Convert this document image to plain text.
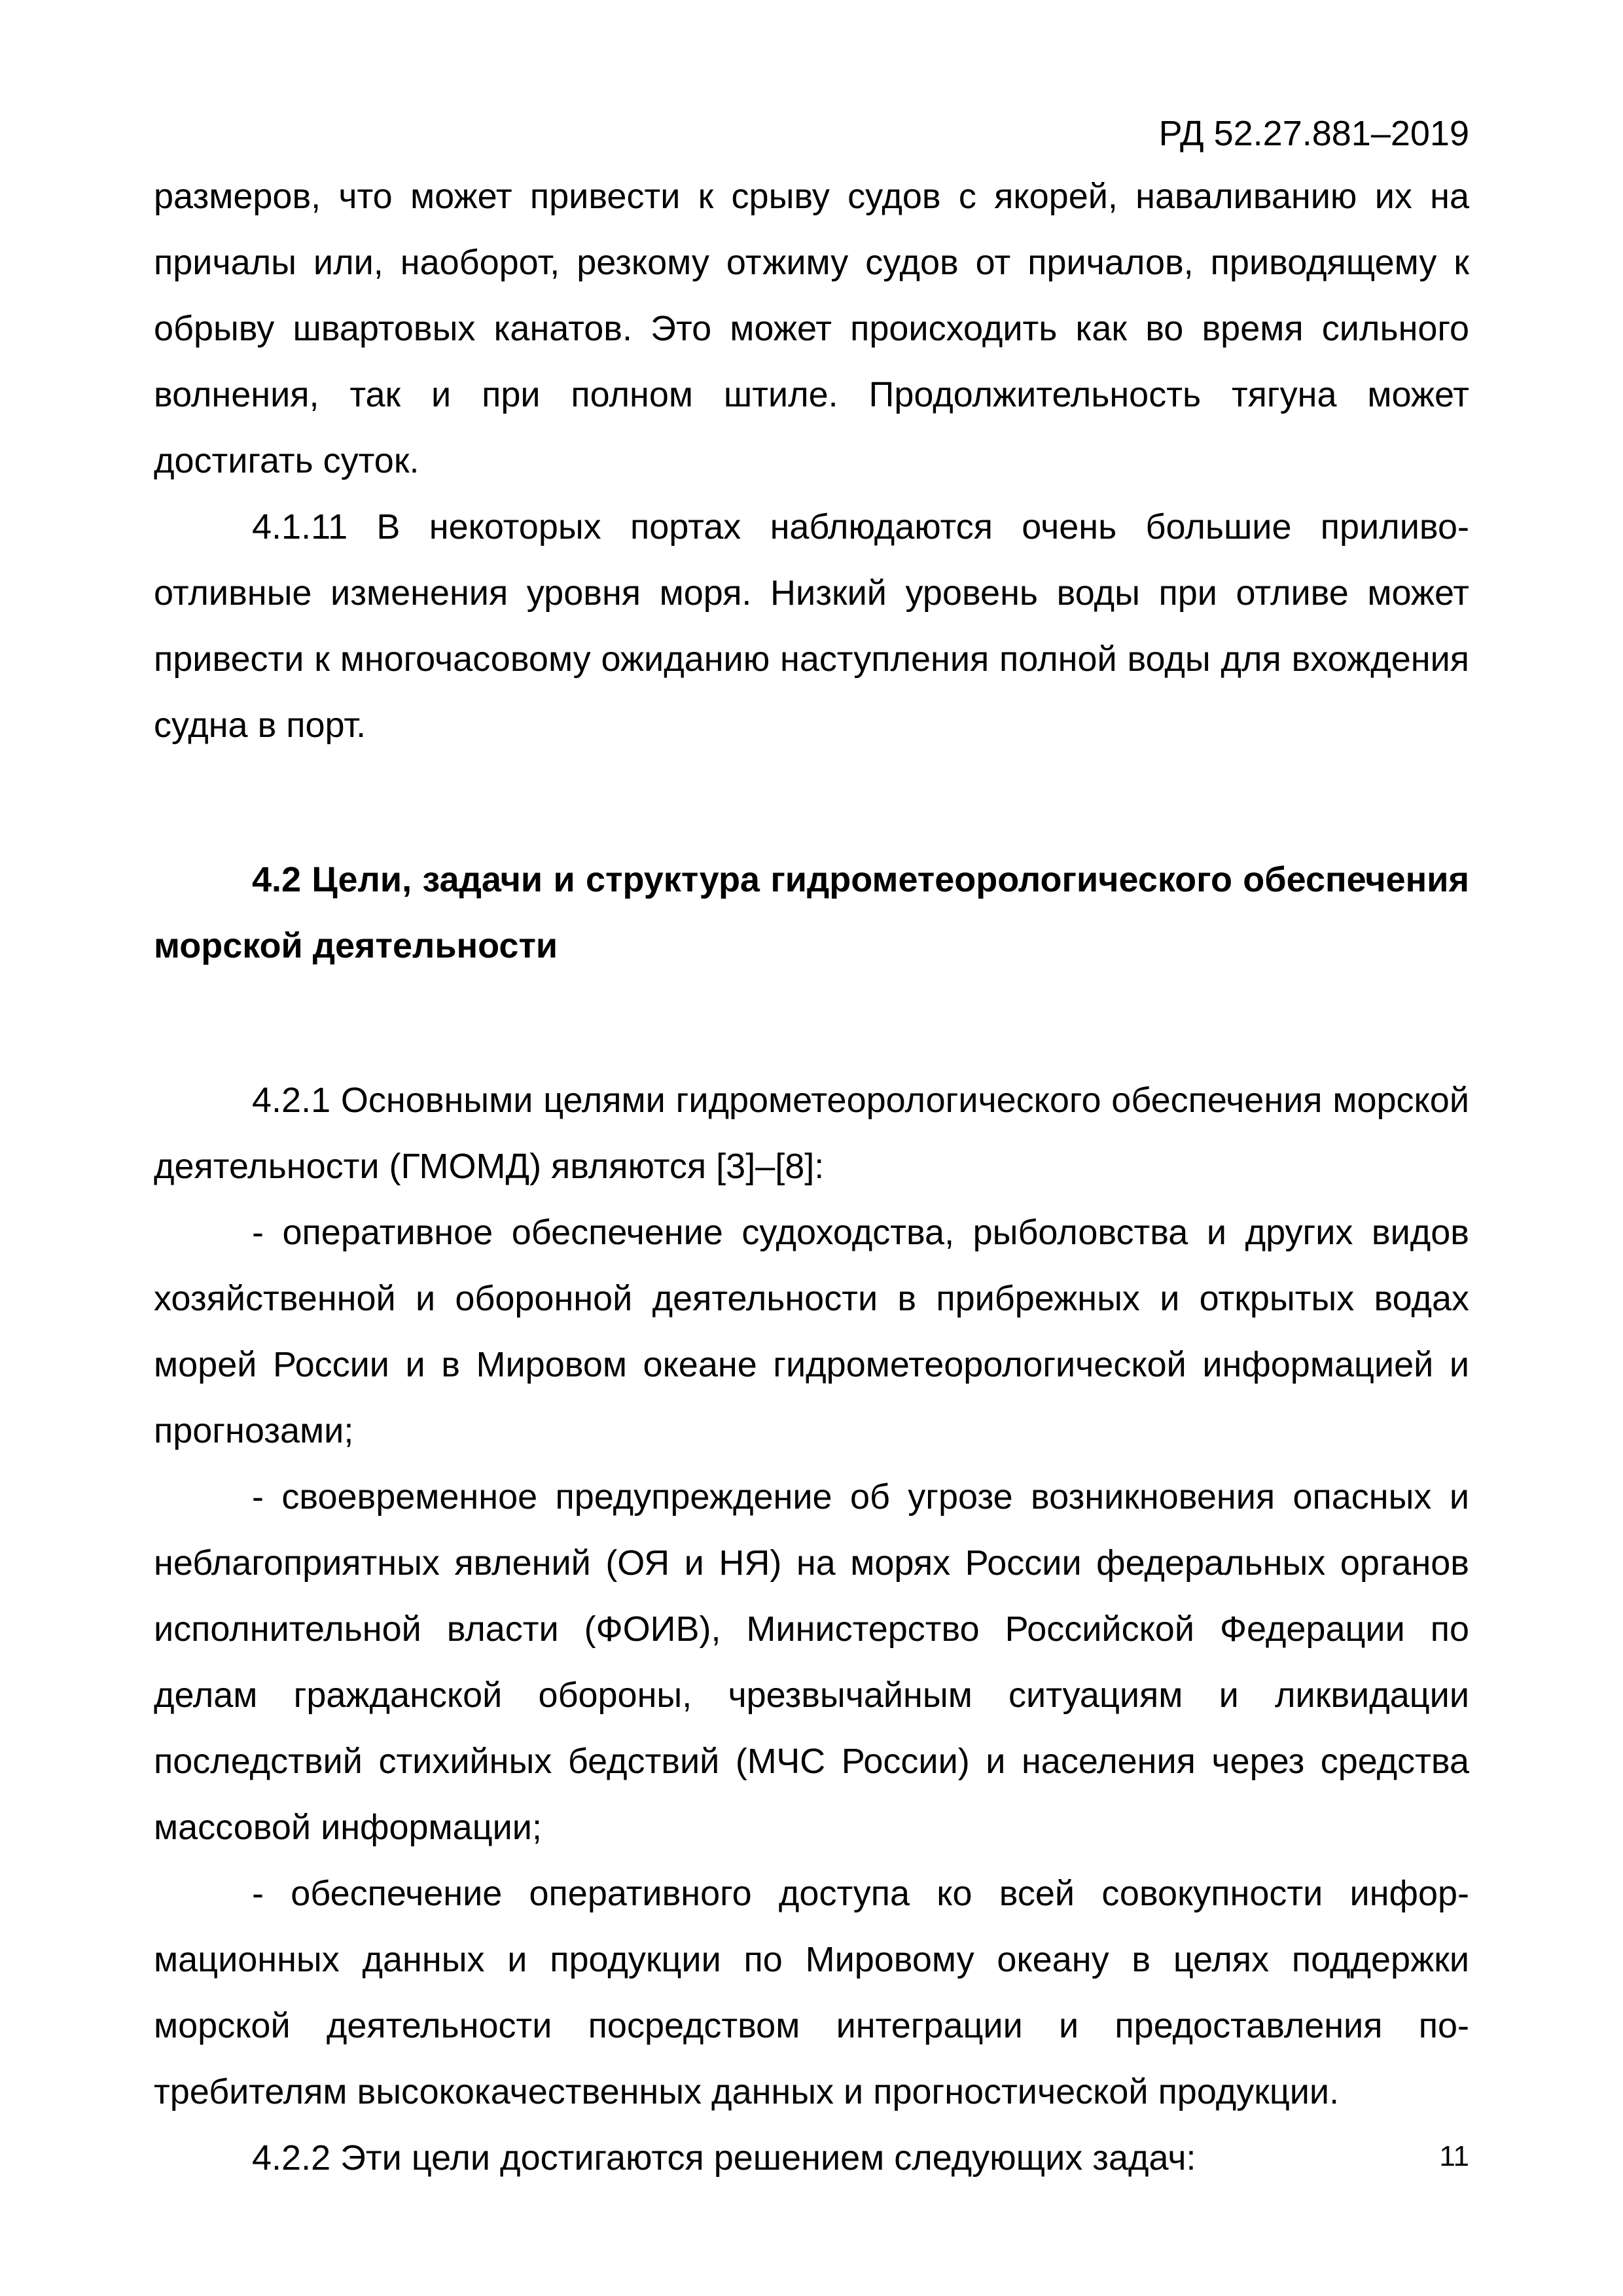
РД 52.27.881–2019

размеров, что может привести к срыву судов с якорей, наваливанию их на причалы или, наоборот, резкому отжиму судов от причалов, приводящему к обрыву швартовых канатов. Это может происходить как во время сильного волнения, так и при полном штиле. Продолжительность тягуна может достигать суток.

4.1.11 В некоторых портах наблюдаются очень большие приливоотливные изменения уровня моря. Низкий уровень воды при отливе может привести к многочасовому ожиданию наступления полной воды для вхождения судна в порт.

4.2 Цели, задачи и структура гидрометеорологического обеспечения морской деятельности

4.2.1 Основными целями гидрометеорологического обеспечения морской деятельности (ГМОМД) являются [3]–[8]:

- оперативное обеспечение судоходства, рыболовства и других видов хозяйственной и оборонной деятельности в прибрежных и открытых водах морей России и в Мировом океане гидрометеорологической информацией и прогнозами;

- своевременное предупреждение об угрозе возникновения опасных и неблагоприятных явлений (ОЯ и НЯ) на морях России федеральных органов исполнительной власти (ФОИВ), Министерство Российской Федерации по делам гражданской обороны, чрезвычайным ситуациям и ликвидации последствий стихийных бедствий (МЧС России) и населения через средства массовой информации;

- обеспечение оперативного доступа ко всей совокупности информационных данных и продукции по Мировому океану в целях поддержки морской деятельности посредством интеграции и предоставления потребителям высококачественных данных и прогностической продукции.

4.2.2 Эти цели достигаются решением следующих задач:	11
